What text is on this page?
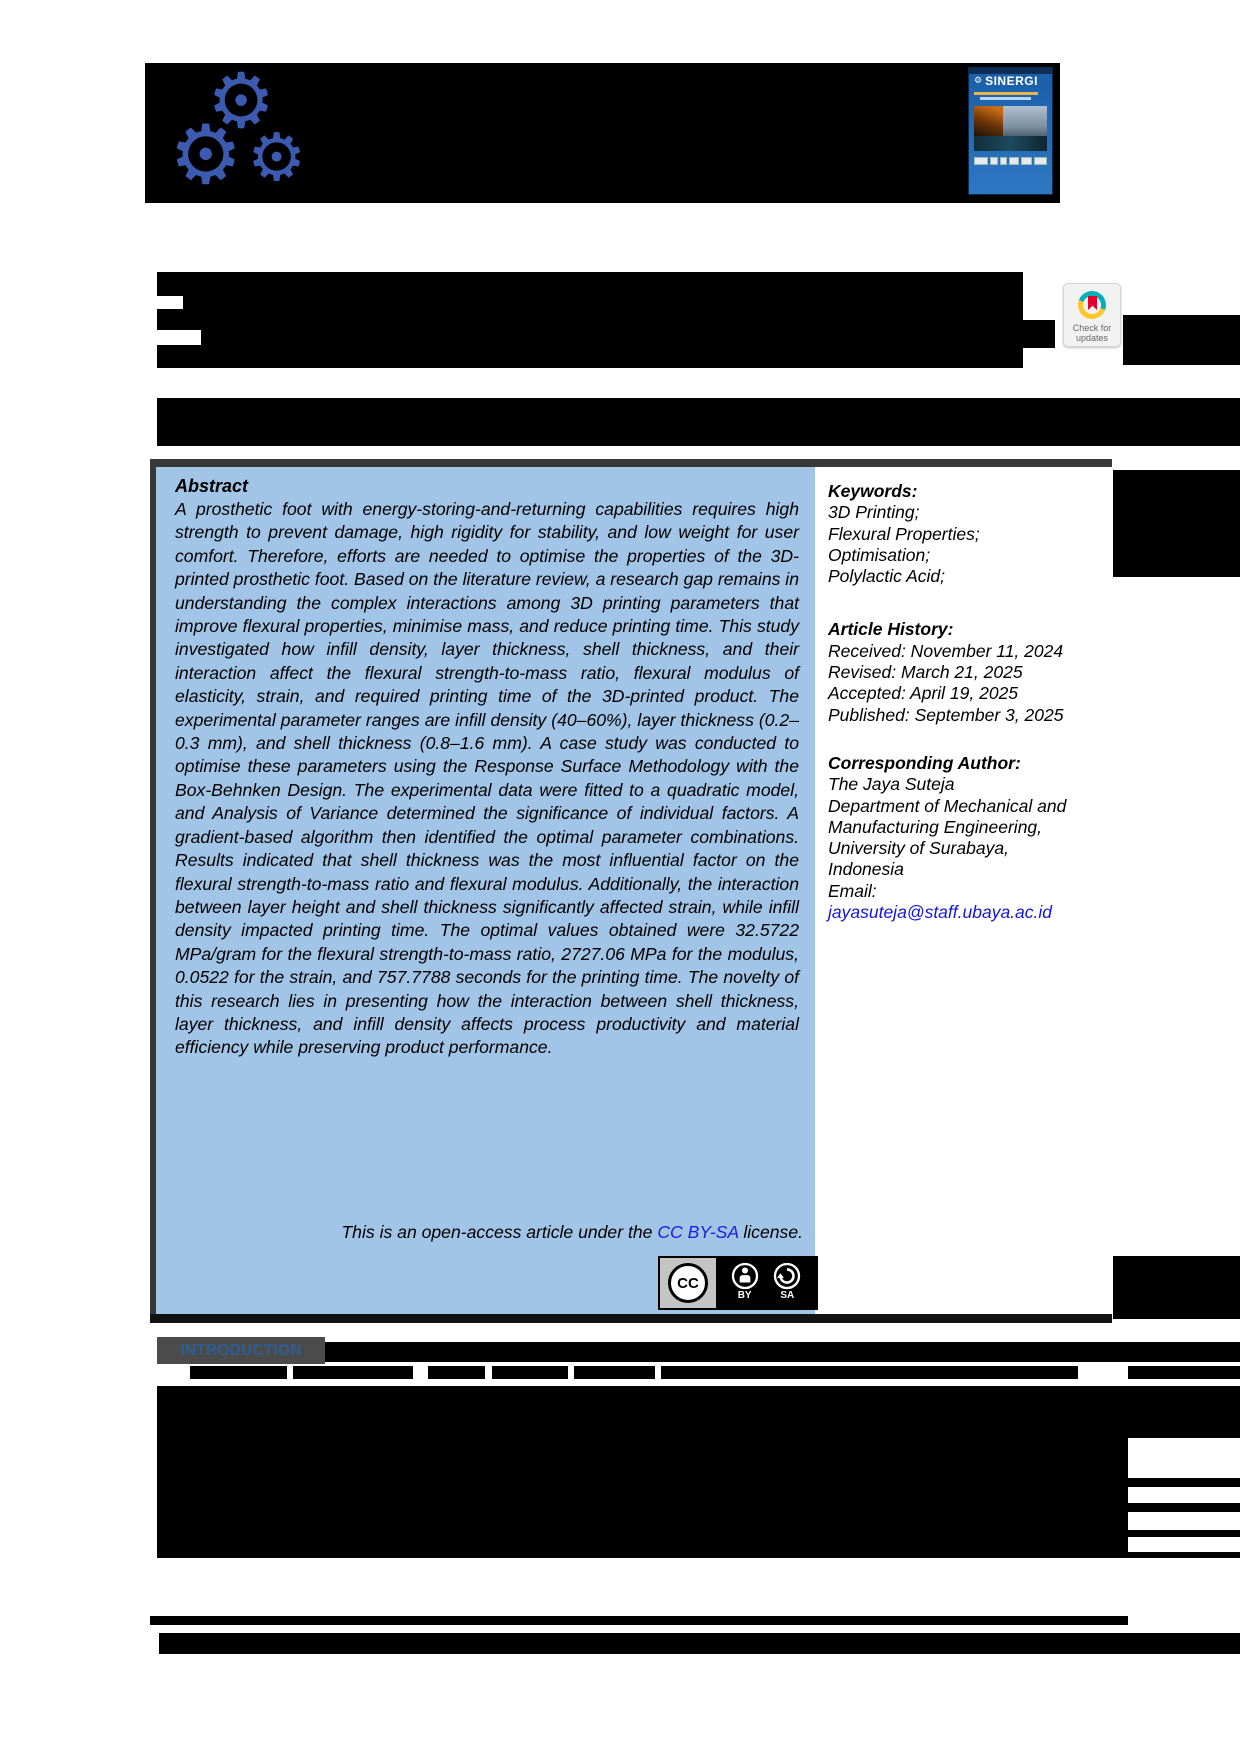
⚙
⚙ ⚙
⚙ SINERGI
Check for
updates
Abstract

A prosthetic foot with energy-storing-and-returning capabilities requires high strength to prevent damage, high rigidity for stability, and low weight for user comfort. Therefore, efforts are needed to optimise the properties of the 3D-printed prosthetic foot. Based on the literature review, a research gap remains in understanding the complex interactions among 3D printing parameters that improve flexural properties, minimise mass, and reduce printing time. This study investigated how infill density, layer thickness, shell thickness, and their interaction affect the flexural strength-to-mass ratio, flexural modulus of elasticity, strain, and required printing time of the 3D-printed product. The experimental parameter ranges are infill density (40–60%), layer thickness (0.2–0.3 mm), and shell thickness (0.8–1.6 mm). A case study was conducted to optimise these parameters using the Response Surface Methodology with the Box-Behnken Design. The experimental data were fitted to a quadratic model, and Analysis of Variance determined the significance of individual factors. A gradient-based algorithm then identified the optimal parameter combinations. Results indicated that shell thickness was the most influential factor on the flexural strength-to-mass ratio and flexural modulus. Additionally, the interaction between layer height and shell thickness significantly affected strain, while infill density impacted printing time. The optimal values obtained were 32.5722 MPa/gram for the flexural strength-to-mass ratio, 2727.06 MPa for the modulus, 0.0522 for the strain, and 757.7788 seconds for the printing time. The novelty of this research lies in presenting how the interaction between shell thickness, layer thickness, and infill density affects process productivity and material efficiency while preserving product performance.

This is an open-access article under the CC BY-SA license.
CC
BY	SA
Keywords:
3D Printing;
Flexural Properties;
Optimisation;
Polylactic Acid;
Article History:
Received: November 11, 2024
Revised: March 21, 2025
Accepted: April 19, 2025
Published: September 3, 2025
Corresponding Author:
The Jaya Suteja
Department of Mechanical and
Manufacturing Engineering,
University of Surabaya,
Indonesia
Email:
jayasuteja@staff.ubaya.ac.id
INTRODUCTION
